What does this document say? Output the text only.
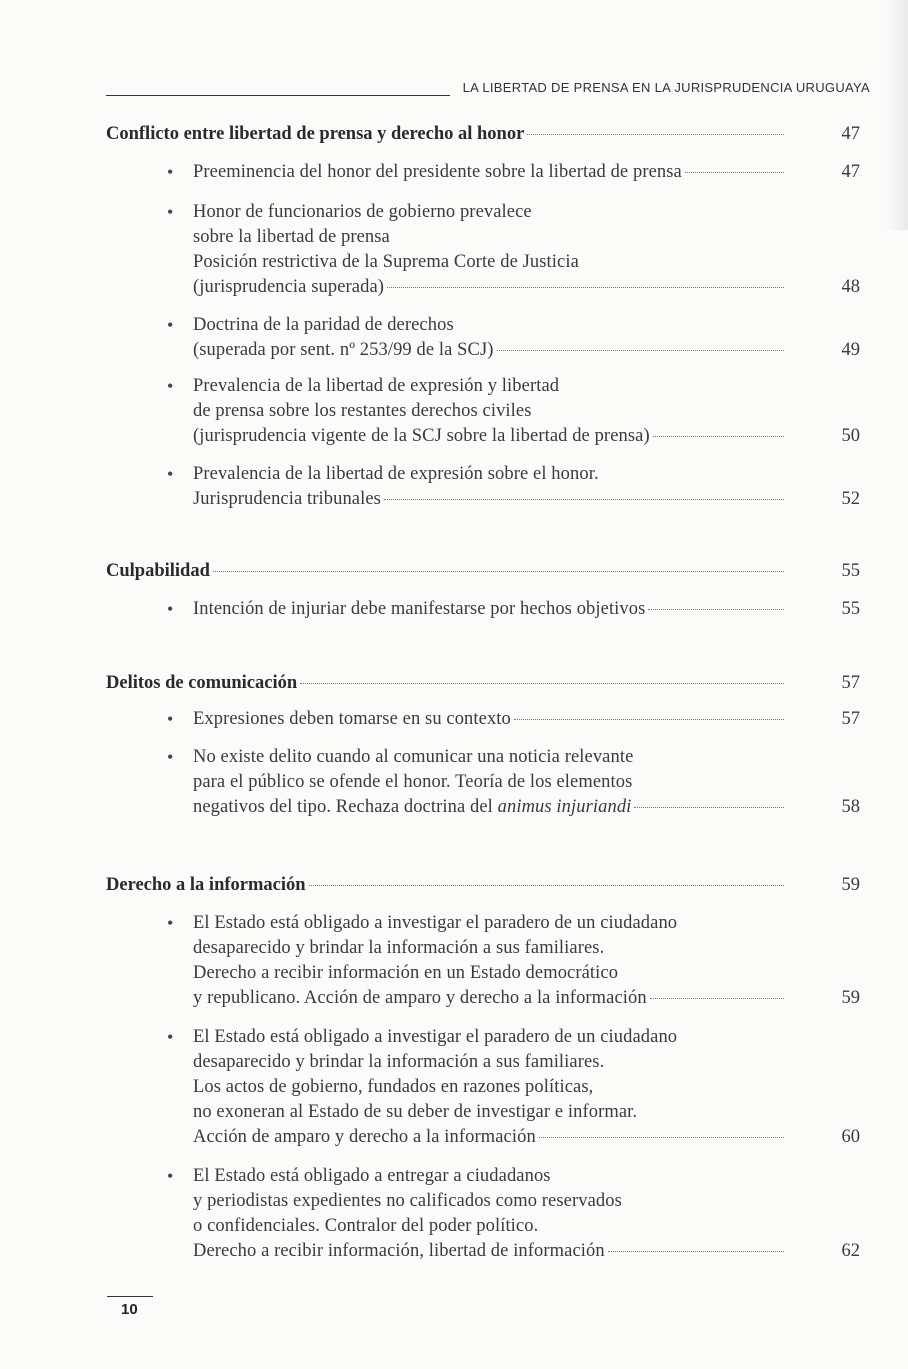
LA LIBERTAD DE PRENSA EN LA JURISPRUDENCIA URUGUAYA
Conflicto entre libertad de prensa y derecho al honor	47
• Preeminencia del honor del presidente sobre la libertad de prensa	47
•	Honor de funcionarios de gobierno prevalece
sobre la libertad de prensa
Posición restrictiva de la Suprema Corte de Justicia
(jurisprudencia superada)	48
•	Doctrina de la paridad de derechos
(superada por sent. nº 253/99 de la SCJ)	49
•	Prevalencia de la libertad de expresión y libertad
de prensa sobre los restantes derechos civiles
(jurisprudencia vigente de la SCJ sobre la libertad de prensa)	50
•	Prevalencia de la libertad de expresión sobre el honor.
Jurisprudencia tribunales	52
Culpabilidad	55
• Intención de injuriar debe manifestarse por hechos objetivos	55
Delitos de comunicación	57
• Expresiones deben tomarse en su contexto	57
•	No existe delito cuando al comunicar una noticia relevante
para el público se ofende el honor. Teoría de los elementos
negativos del tipo. Rechaza doctrina del
animus injuriandi	58
Derecho a la información	59
•	El Estado está obligado a investigar el paradero de un ciudadano
desaparecido y brindar la información a sus familiares.
Derecho a recibir información en un Estado democrático
y republicano. Acción de amparo y derecho a la información	59
•	El Estado está obligado a investigar el paradero de un ciudadano
desaparecido y brindar la información a sus familiares.
Los actos de gobierno, fundados en razones políticas,
no exoneran al Estado de su deber de investigar e informar.
Acción de amparo y derecho a la información	60
•	El Estado está obligado a entregar a ciudadanos
y periodistas expedientes no calificados como reservados
o confidenciales. Contralor del poder político.
Derecho a recibir información, libertad de información	62
10
